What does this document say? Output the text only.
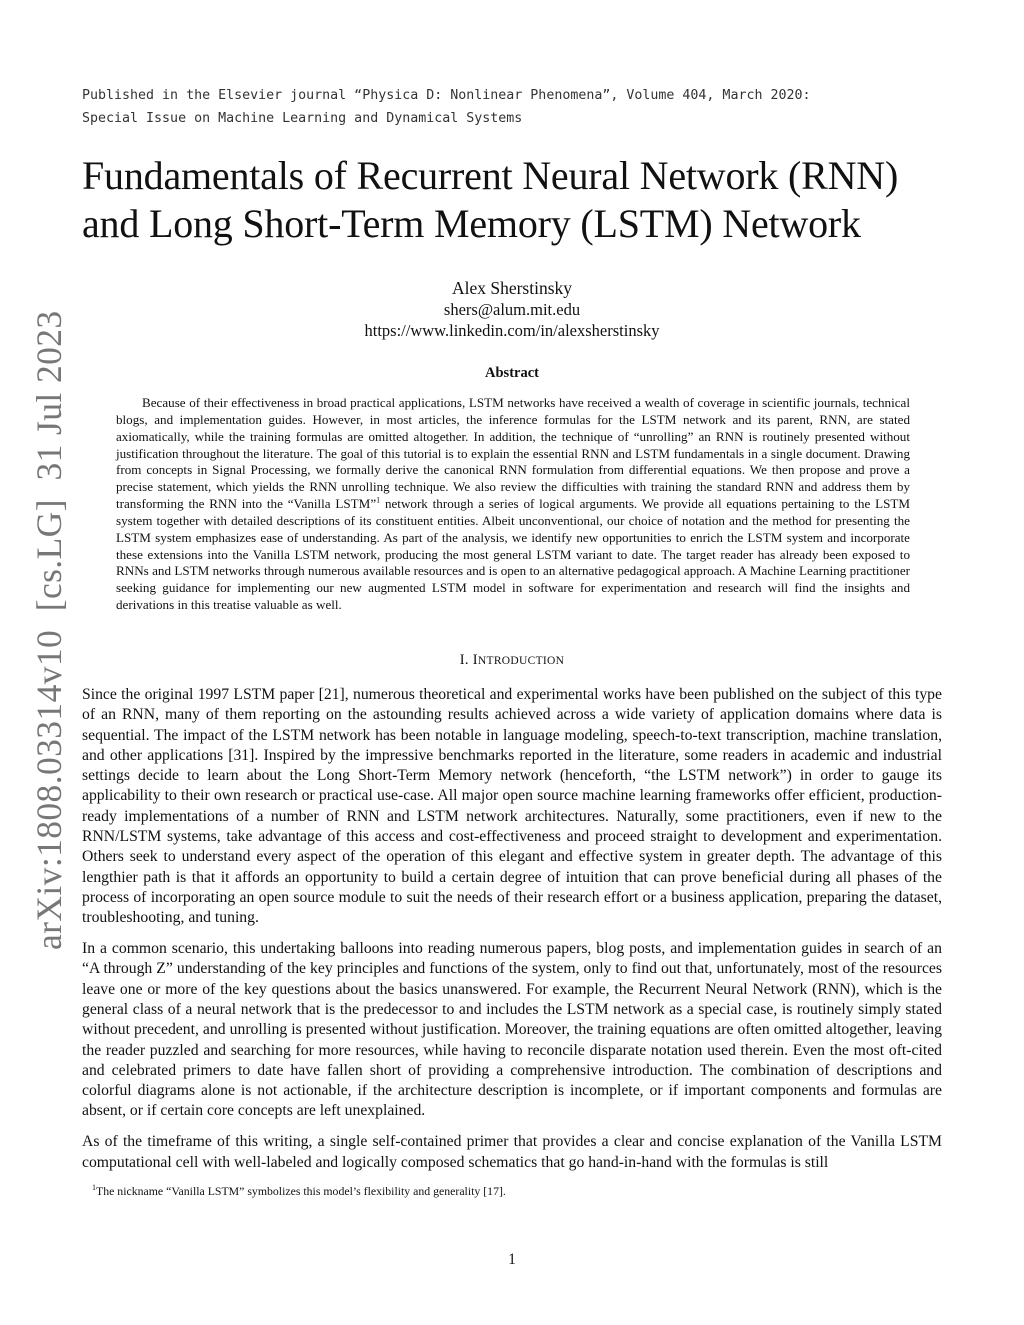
Published in the Elsevier journal “Physica D: Nonlinear Phenomena”, Volume 404, March 2020:
Special Issue on Machine Learning and Dynamical Systems
Fundamentals of Recurrent Neural Network (RNN)
and Long Short-Term Memory (LSTM) Network
Alex Sherstinsky
shers@alum.mit.edu
https://www.linkedin.com/in/alexsherstinsky
Abstract

Because of their effectiveness in broad practical applications, LSTM networks have received a wealth of coverage in scientific journals, technical blogs, and implementation guides. However, in most articles, the inference formulas for the LSTM network and its parent, RNN, are stated axiomatically, while the training formulas are omitted altogether. In addition, the technique of “unrolling” an RNN is routinely presented without justification throughout the literature. The goal of this tutorial is to explain the essential RNN and LSTM fundamentals in a single document. Drawing from concepts in Signal Processing, we formally derive the canonical RNN formulation from differential equations. We then propose and prove a precise statement, which yields the RNN unrolling technique. We also review the difficulties with training the standard RNN and address them by transforming the RNN into the “Vanilla LSTM”$^1$ network through a series of logical arguments. We provide all equations pertaining to the LSTM system together with detailed descriptions of its constituent entities. Albeit unconventional, our choice of notation and the method for presenting the LSTM system emphasizes ease of understanding. As part of the analysis, we identify new opportunities to enrich the LSTM system and incorporate these extensions into the Vanilla LSTM network, producing the most general LSTM variant to date. The target reader has already been exposed to RNNs and LSTM networks through numerous available resources and is open to an alternative pedagogical approach. A Machine Learning practitioner seeking guidance for implementing our new augmented LSTM model in software for experimentation and research will find the insights and derivations in this treatise valuable as well.

I. INTRODUCTION

Since the original 1997 LSTM paper [21], numerous theoretical and experimental works have been published on the subject of this type of an RNN, many of them reporting on the astounding results achieved across a wide variety of application domains where data is sequential. The impact of the LSTM network has been notable in language modeling, speech-to-text transcription, machine translation, and other applications [31]. Inspired by the impressive benchmarks reported in the literature, some readers in academic and industrial settings decide to learn about the Long Short-Term Memory network (henceforth, “the LSTM network”) in order to gauge its applicability to their own research or practical use-case. All major open source machine learning frameworks offer efficient, production-ready implementations of a number of RNN and LSTM network architectures. Naturally, some practitioners, even if new to the RNN/LSTM systems, take advantage of this access and cost-effectiveness and proceed straight to development and experimentation. Others seek to understand every aspect of the operation of this elegant and effective system in greater depth. The advantage of this lengthier path is that it affords an opportunity to build a certain degree of intuition that can prove beneficial during all phases of the process of incorporating an open source module to suit the needs of their research effort or a business application, preparing the dataset, troubleshooting, and tuning.

In a common scenario, this undertaking balloons into reading numerous papers, blog posts, and implementation guides in search of an “A through Z” understanding of the key principles and functions of the system, only to find out that, unfortunately, most of the resources leave one or more of the key questions about the basics unanswered. For example, the Recurrent Neural Network (RNN), which is the general class of a neural network that is the predecessor to and includes the LSTM network as a special case, is routinely simply stated without precedent, and unrolling is presented without justification. Moreover, the training equations are often omitted altogether, leaving the reader puzzled and searching for more resources, while having to reconcile disparate notation used therein. Even the most oft-cited and celebrated primers to date have fallen short of providing a comprehensive introduction. The combination of descriptions and colorful diagrams alone is not actionable, if the architecture description is incomplete, or if important components and formulas are absent, or if certain core concepts are left unexplained.

As of the timeframe of this writing, a single self-contained primer that provides a clear and concise explanation of the Vanilla LSTM computational cell with well-labeled and logically composed schematics that go hand-in-hand with the formulas is still

$^1$The nickname “Vanilla LSTM” symbolizes this model’s flexibility and generality [17].
1
arXiv:1808.03314v10  [cs.LG]  31 Jul 2023
